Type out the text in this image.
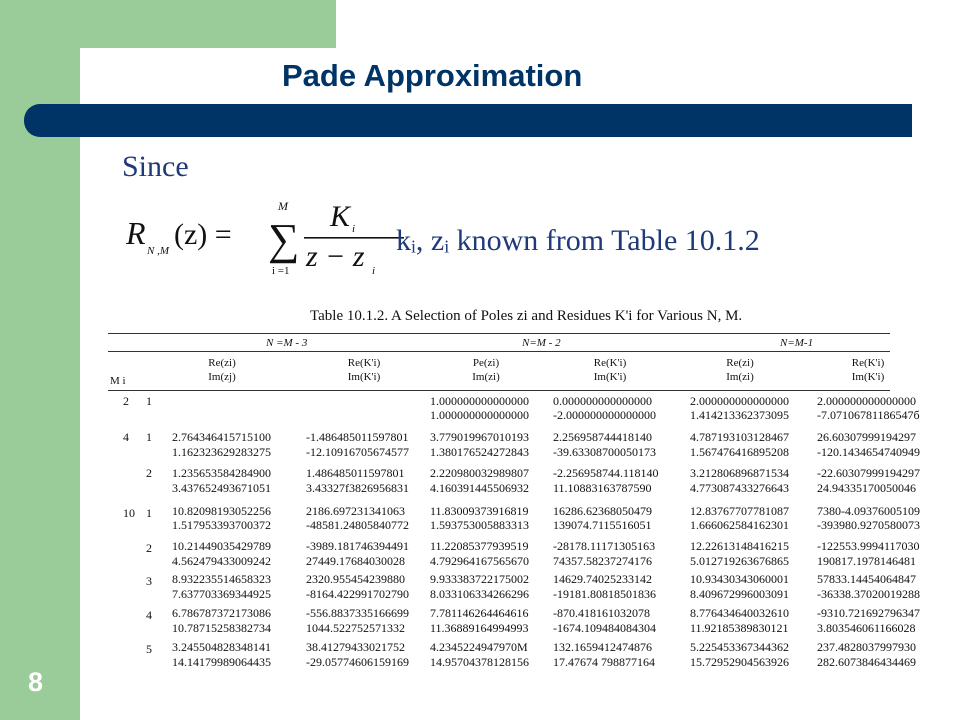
Pade Approximation
8
Since
R N ,M (z) =
M
∑
i =1
K i
z − z i
kᵢ, zᵢ known from Table 10.1.2
Table 10.1.2. A Selection of Poles zi and Residues K'i for Various N, M.
N =M - 3	N=M - 2	N=M-1
Re(zi)
Im(zj)
Re(K'i)
Im(K'i)
Pe(zi)
Im(zi)
Re(K'i)
Im(K'i)
Re(zi)
Im(zi)
Re(K'i)
Im(K'i)
M i
2.764346415715100
1.162323629283275
1.235653584284900
3.437652493671051
10.82098193052256
1.517953393700372
10.21449035429789
4.562479433009242
8.932235514658323
7.637703369344925
6.786787372173086
10.78715258382734
3.245504828348141
14.14179989064435
-1.486485011597801
-12.10916705674577
1.486485011597801
3.43327f3826956831
2186.697231341063
-48581.24805840772
-3989.181746394491
27449.17684030028
2320.955454239880
-8164.422991702790
-556.8837335166699
1044.522752571332
38.41279433021752
-29.05774606159169
1.000000000000000
1.000000000000000
3.779019967010193
1.380176524272843
2.220980032989807
4.160391445506932
11.83009373916819
1.593753005883313
11.22085377939519
4.792964167565670
9.933383722175002
8.033106334266296
7.781146264464616
11.36889164994993
4.2345224947970M
14.95704378128156
0.000000000000000
-2.000000000000000
2.256958744418140
-39.63308700050173
-2.256958744.118140
11.10883163787590
16286.62368050479
139074.7115516051
-28178.11171305163
74357.58237274176
14629.74025233142
-19181.80818501836
-870.418161032078
-1674.109484084304
132.1659412474876
17.47674 798877164
2.000000000000000
1.414213362373095
4.787193103128467
1.567476416895208
3.212806896871534
4.773087433276643
12.83767707781087
1.666062584162301
12.22613148416215
5.012719263676865
10.93430343060001
8.409672996003091
8.776434640032610
11.92185389830121
5.225453367344362
15.72952904563926
2.000000000000000
-7.07106781186547б
26.60307999194297
-120.1434654740949
-22.60307999194297
24.94335170050046
7380-4.09376005109
-393980.9270580073
-122553.9994117030
190817.1978146481
57833.14454064847
-36338.37020019288
-9310.721692796347
3.803546061166028
237.4828037997930
282.6073846434469
2 1
4 1
2
10 1
2
3
4
5
